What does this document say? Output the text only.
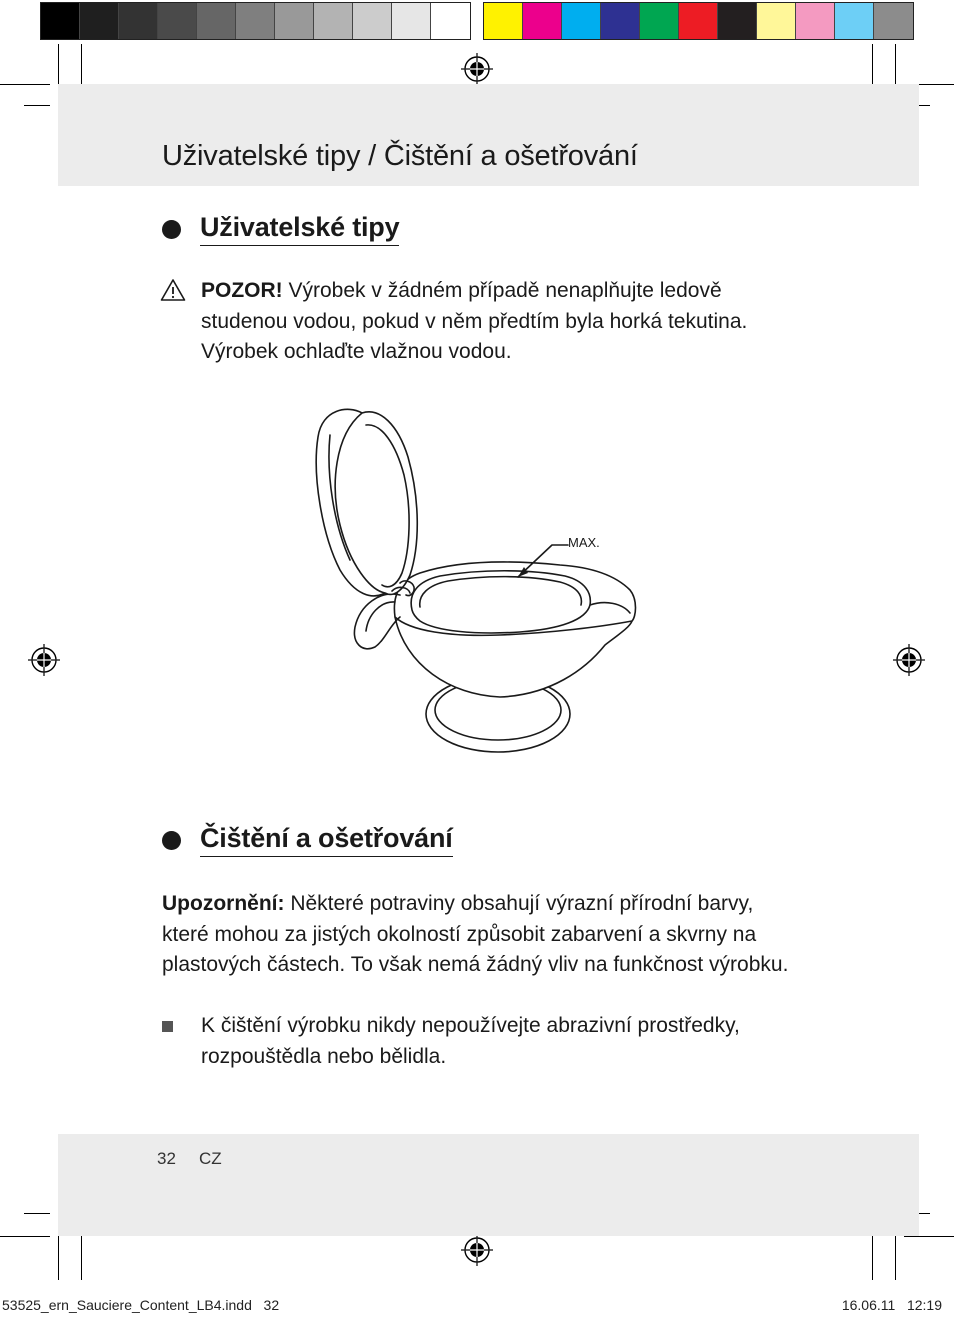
Uživatelské tipy / Čištění a ošetřování
Uživatelské tipy

POZOR! Výrobek v žádném případě nenaplňujte ledově

studenou vodou, pokud v něm předtím byla horká tekutina.

Výrobek ochlaďte vlažnou vodou.

MAX.
Čištění a ošetřování

Upozornění: Některé potraviny obsahují výrazní přírodní barvy,

které mohou za jistých okolností způsobit zabarvení a skvrny na

plastových částech. To však nemá žádný vliv na funkčnost výrobku.

K čištění výrobku nikdy nepoužívejte abrazivní prostředky,

rozpouštědla nebo bělidla.

32 CZ
53525_ern_Sauciere_Content_LB4.indd   32	16.06.11   12:19
